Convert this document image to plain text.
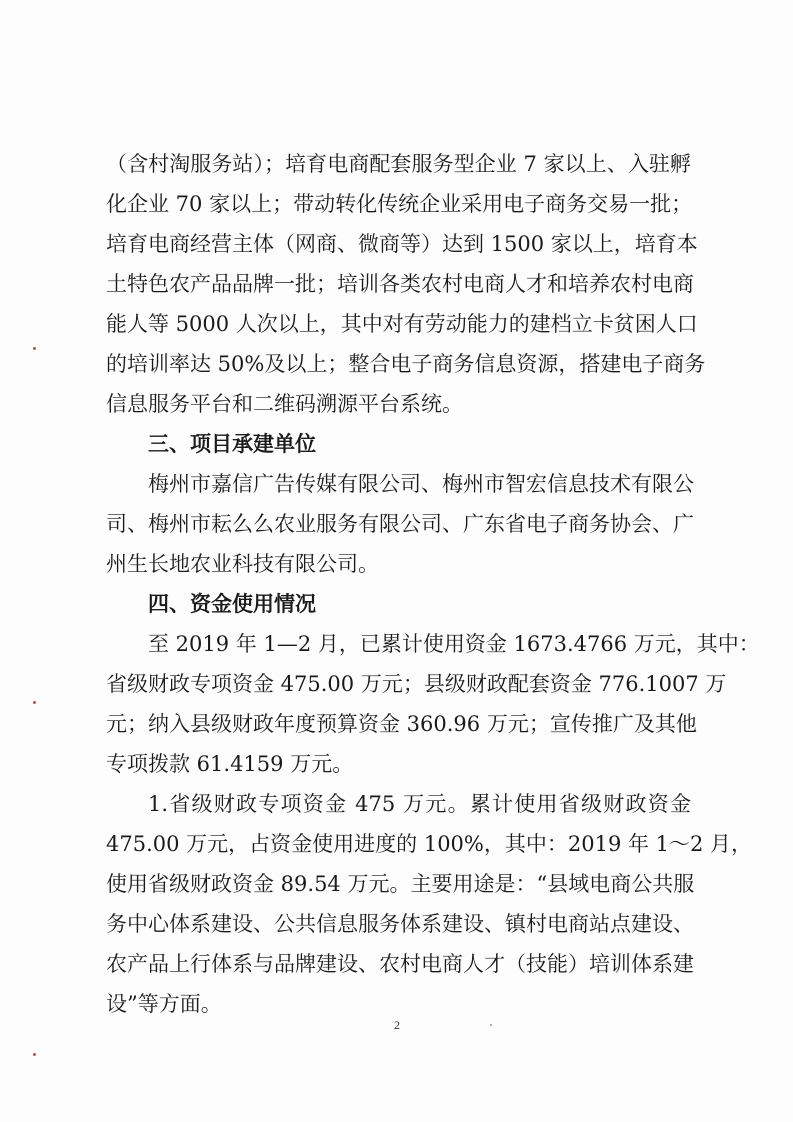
（含村淘服务站）；培育电商配套服务型企业 7 家以上、入驻孵
化企业 70 家以上；带动转化传统企业采用电子商务交易一批；
培育电商经营主体（网商、微商等）达到 1500 家以上，培育本
土特色农产品品牌一批；培训各类农村电商人才和培养农村电商
能人等 5000 人次以上，其中对有劳动能力的建档立卡贫困人口
的培训率达 50%及以上；整合电子商务信息资源，搭建电子商务
信息服务平台和二维码溯源平台系统。
三、项目承建单位
梅州市嘉信广告传媒有限公司、梅州市智宏信息技术有限公
司、梅州市耘么么农业服务有限公司、广东省电子商务协会、广
州生长地农业科技有限公司。
四、资金使用情况
至 2019 年 1—2 月，已累计使用资金 1673.4766 万元，其中：
省级财政专项资金 475.00 万元；县级财政配套资金 776.1007 万
元；纳入县级财政年度预算资金 360.96 万元；宣传推广及其他
专项拨款 61.4159 万元。
1.省级财政专项资金 475 万元。累计使用省级财政资金
475.00 万元，占资金使用进度的 100%，其中：2019 年 1～2 月，
使用省级财政资金 89.54 万元。主要用途是：“县域电商公共服
务中心体系建设、公共信息服务体系建设、镇村电商站点建设、
农产品上行体系与品牌建设、农村电商人才（技能）培训体系建
设”等方面。
2
